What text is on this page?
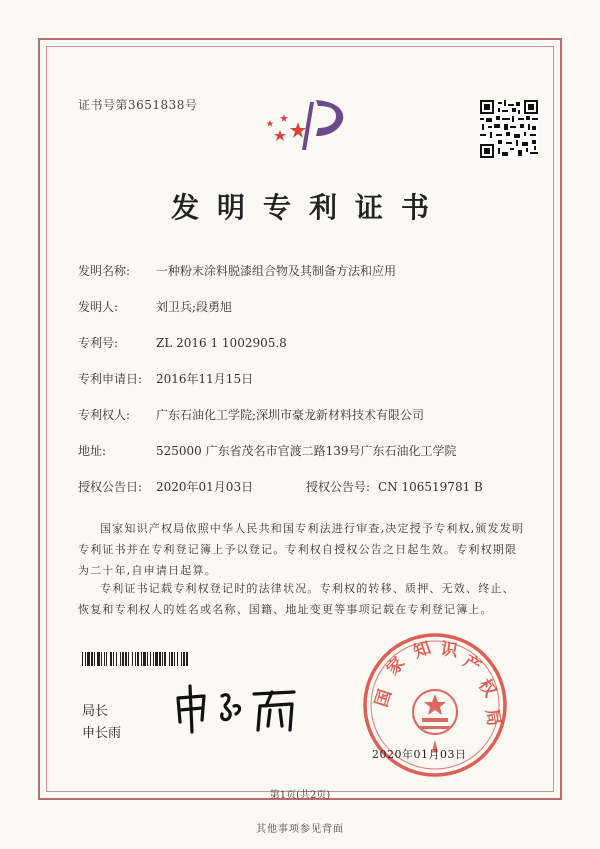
证书号第3651838号
发明专利证书
发明名称: 一种粉末涂料脱漆组合物及其制备方法和应用
发明人:	刘卫兵;段勇旭
专利号:	ZL 2016 1 1002905.8
专利申请日: 2016年11月15日
专利权人: 广东石油化工学院;深圳市豪龙新材料技术有限公司
地址:	525000 广东省茂名市官渡二路139号广东石油化工学院
授权公告日: 2020年01月03日	授权公告号: CN 106519781 B
国家知识产权局依照中华人民共和国专利法进行审查,决定授予专利权,颁发发明专利证书并在专利登记簿上予以登记。专利权自授权公告之日起生效。专利权期限为二十年,自申请日起算。
专利证书记载专利权登记时的法律状况。专利权的转移、质押、无效、终止、恢复和专利权人的姓名或名称、国籍、地址变更等事项记载在专利登记簿上。
局长
申长雨
国
家
知 识
产
权
局
2020年01月03日
第1页(共2页)
其他事项参见背面
